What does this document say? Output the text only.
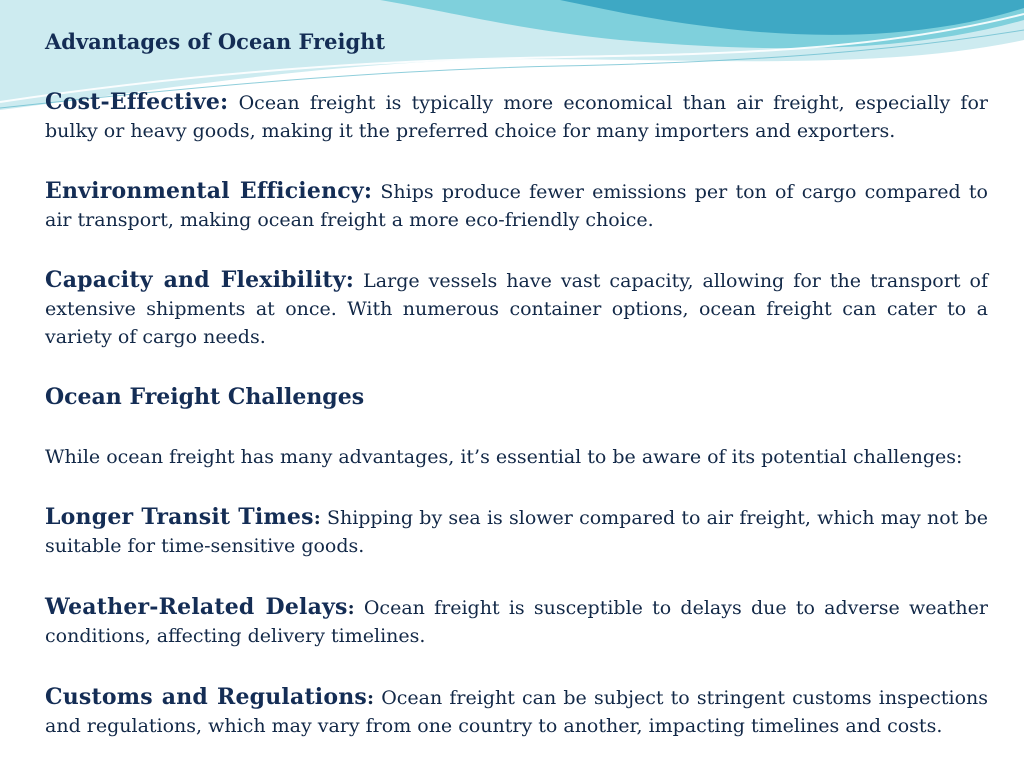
Advantages of Ocean Freight

Cost-Effective: Ocean freight is typically more economical than air freight, especially for bulky or heavy goods, making it the preferred choice for many importers and exporters.

Environmental Efficiency: Ships produce fewer emissions per ton of cargo compared to air transport, making ocean freight a more eco-friendly choice.

Capacity and Flexibility: Large vessels have vast capacity, allowing for the transport of extensive shipments at once. With numerous container options, ocean freight can cater to a variety of cargo needs.

Ocean Freight Challenges

While ocean freight has many advantages, it’s essential to be aware of its potential challenges:

Longer Transit Times: Shipping by sea is slower compared to air freight, which may not be suitable for time-sensitive goods.

Weather-Related Delays: Ocean freight is susceptible to delays due to adverse weather conditions, affecting delivery timelines.

Customs and Regulations: Ocean freight can be subject to stringent customs inspections and regulations, which may vary from one country to another, impacting timelines and costs.
